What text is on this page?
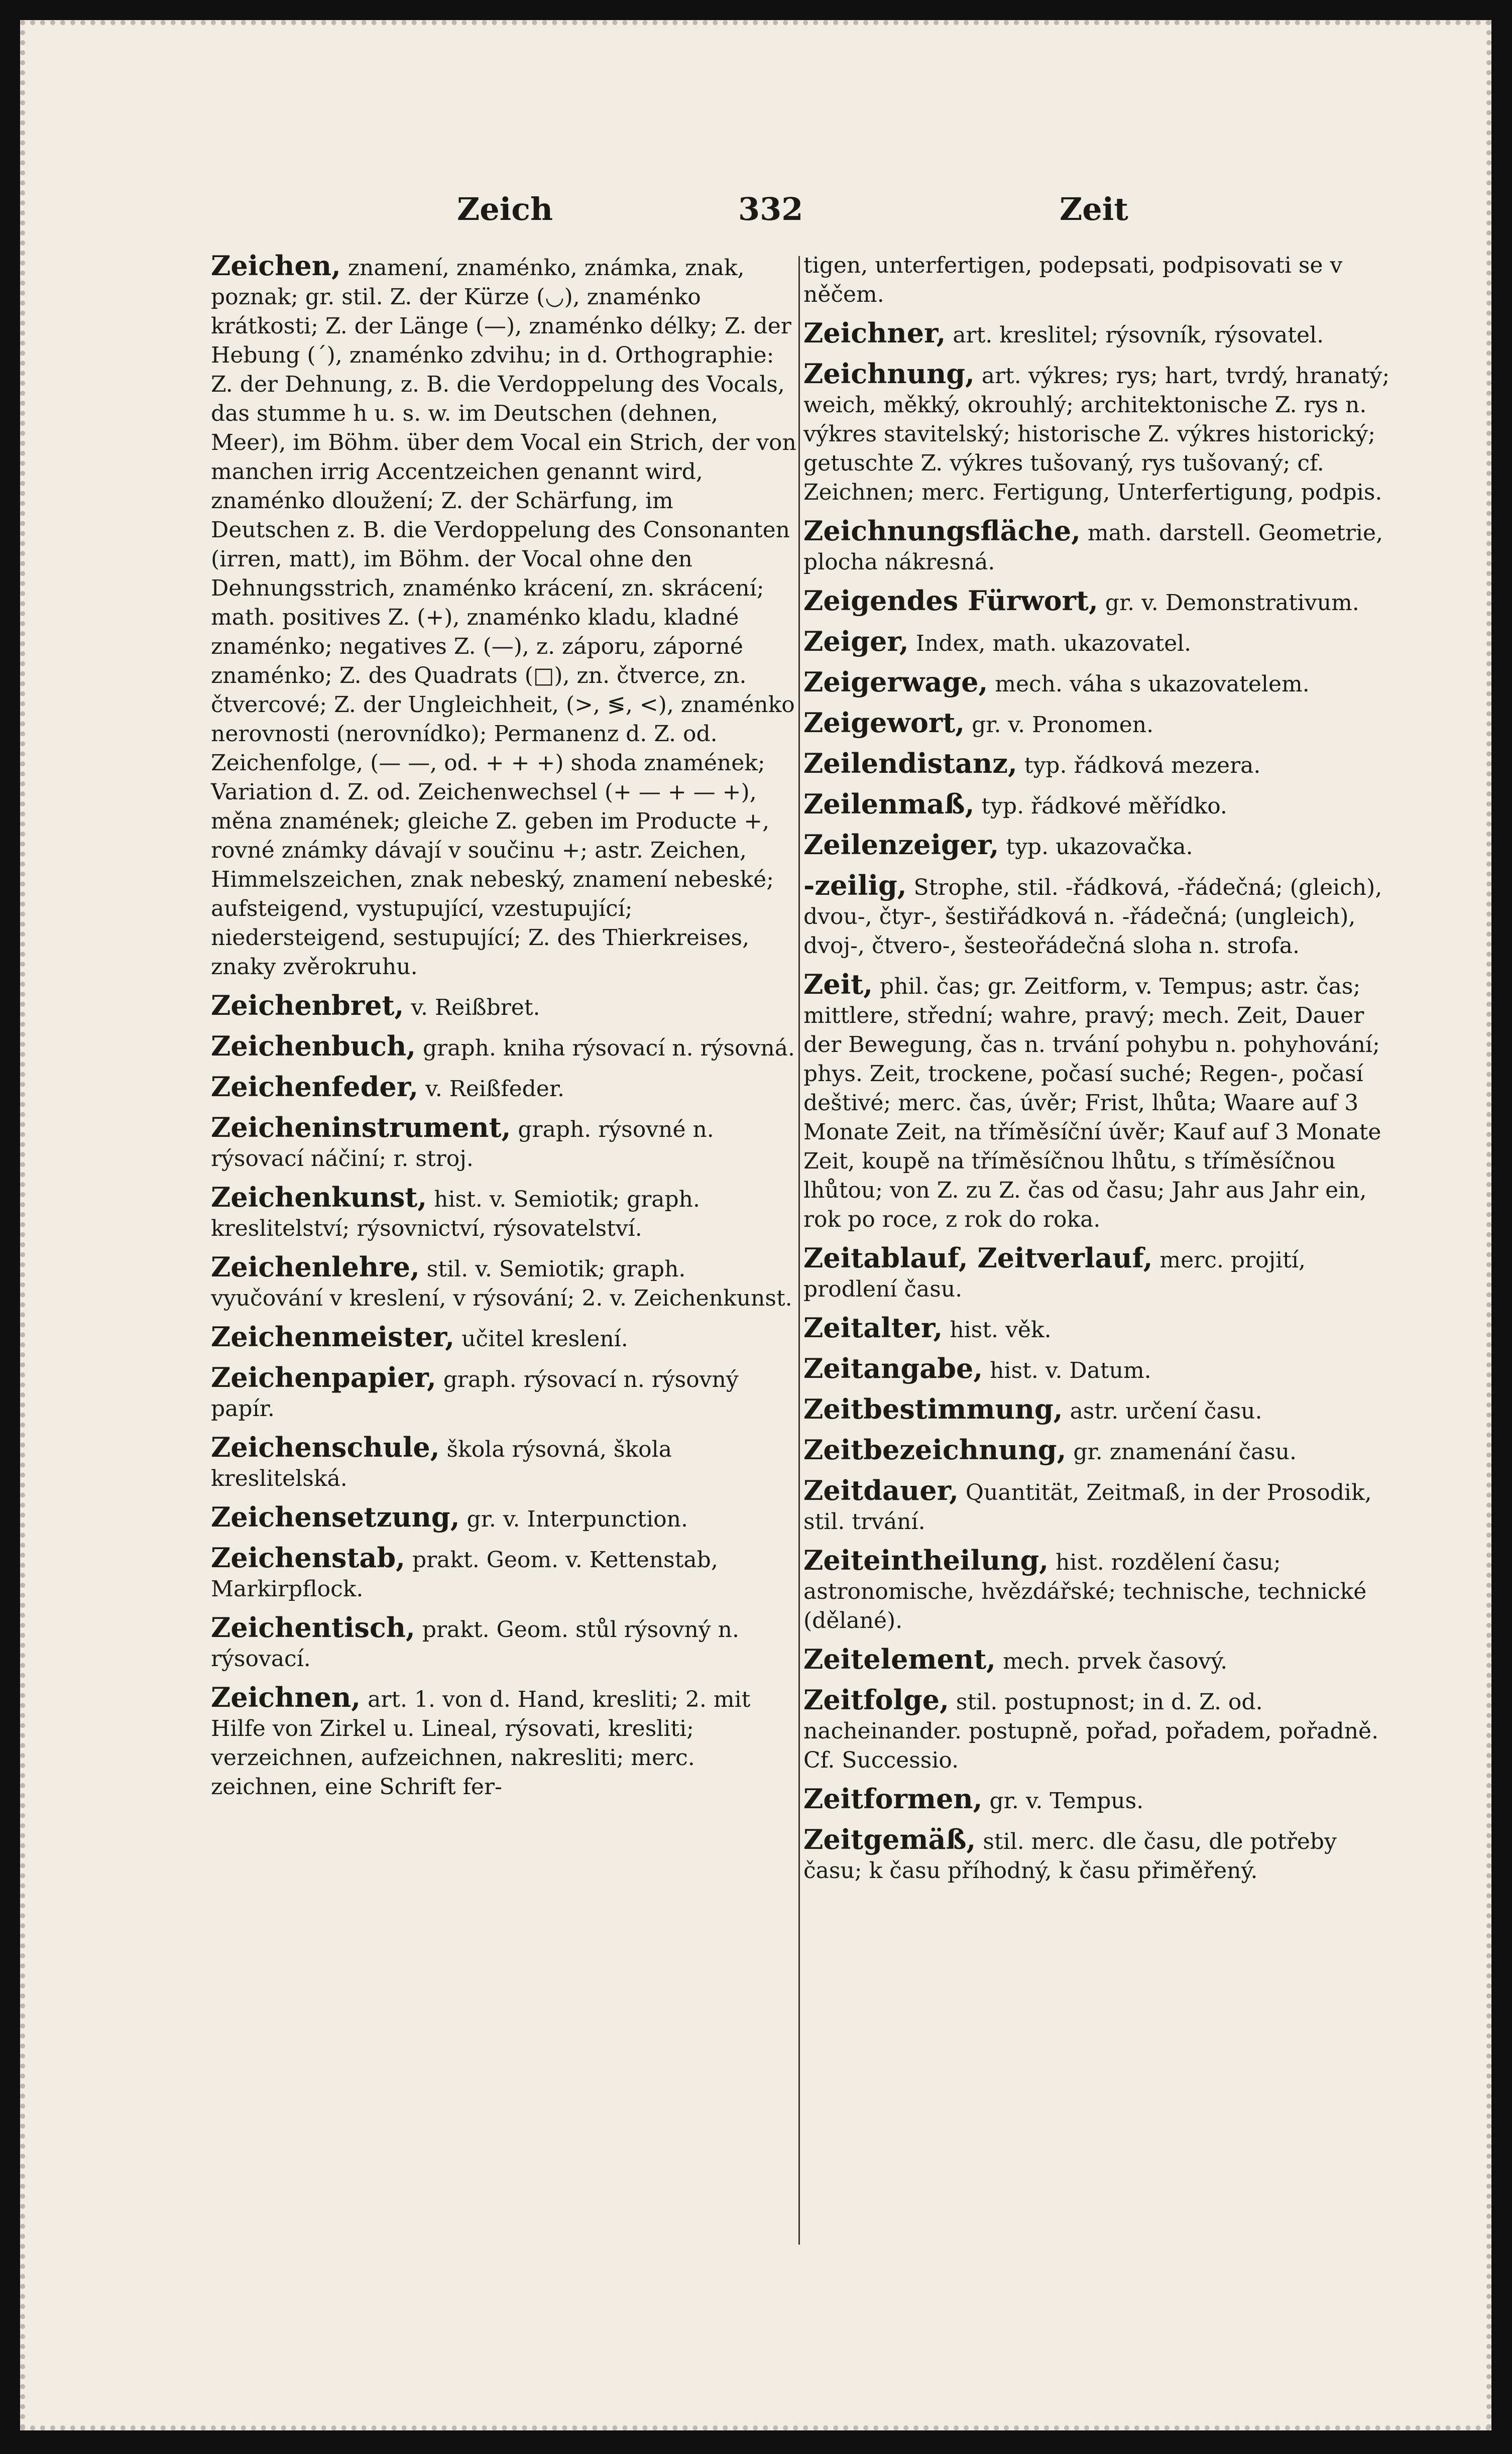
Zeich	332	Zeit

Zeichen, znamení, znaménko, známka, znak, poznak; gr. stil. Z. der Kürze (◡), znaménko krátkosti; Z. der Länge (—), znaménko délky; Z. der Hebung (´), znaménko zdvihu; in d. Orthographie: Z. der Dehnung, z. B. die Verdoppelung des Vocals, das stumme h u. s. w. im Deutschen (dehnen, Meer), im Böhm. über dem Vocal ein Strich, der von manchen irrig Accentzeichen genannt wird, znaménko dloužení; Z. der Schärfung, im Deutschen z. B. die Verdoppelung des Consonanten (irren, matt), im Böhm. der Vocal ohne den Dehnungsstrich, znaménko krácení, zn. skrácení; math. positives Z. (+), znaménko kladu, kladné znaménko; negatives Z. (—), z. záporu, záporné znaménko; Z. des Quadrats (□), zn. čtverce, zn. čtvercové; Z. der Ungleichheit, (>, ≶, <), znaménko nerovnosti (nerovnídko); Permanenz d. Z. od. Zeichenfolge, (— —, od. + + +) shoda znamének; Variation d. Z. od. Zeichenwechsel (+ — + — +), měna znamének; gleiche Z. geben im Producte +, rovné známky dávají v součinu +; astr. Zeichen, Himmelszeichen, znak nebeský, znamení nebeské; aufsteigend, vystupující, vzestupující; niedersteigend, sestupující; Z. des Thierkreises, znaky zvěrokruhu.

Zeichenbret, v. Reißbret.

Zeichenbuch, graph. kniha rýsovací n. rýsovná.

Zeichenfeder, v. Reißfeder.

Zeicheninstrument, graph. rýsovné n. rýsovací náčiní; r. stroj.

Zeichenkunst, hist. v. Semiotik; graph. kreslitelství; rýsovnictví, rýsovatelství.

Zeichenlehre, stil. v. Semiotik; graph. vyučování v kreslení, v rýsování; 2. v. Zeichenkunst.

Zeichenmeister, učitel kreslení.

Zeichenpapier, graph. rýsovací n. rýsovný papír.

Zeichenschule, škola rýsovná, škola kreslitelská.

Zeichensetzung, gr. v. Interpunction.

Zeichenstab, prakt. Geom. v. Kettenstab, Markirpflock.

Zeichentisch, prakt. Geom. stůl rýsovný n. rýsovací.

Zeichnen, art. 1. von d. Hand, kresliti; 2. mit Hilfe von Zirkel u. Lineal, rýsovati, kresliti; verzeichnen, aufzeichnen, nakresliti; merc. zeichnen, eine Schrift fer-

tigen, unterfertigen, podepsati, podpisovati se v něčem.

Zeichner, art. kreslitel; rýsovník, rýsovatel.

Zeichnung, art. výkres; rys; hart, tvrdý, hranatý; weich, měkký, okrouhlý; architektonische Z. rys n. výkres stavitelský; historische Z. výkres historický; getuschte Z. výkres tušovaný, rys tušovaný; cf. Zeichnen; merc. Fertigung, Unterfertigung, podpis.

Zeichnungsfläche, math. darstell. Geometrie, plocha nákresná.

Zeigendes Fürwort, gr. v. Demonstrativum.

Zeiger, Index, math. ukazovatel.

Zeigerwage, mech. váha s ukazovatelem.

Zeigewort, gr. v. Pronomen.

Zeilendistanz, typ. řádková mezera.

Zeilenmaß, typ. řádkové měřídko.

Zeilenzeiger, typ. ukazovačka.

-zeilig, Strophe, stil. -řádková, -řádečná; (gleich), dvou-, čtyr-, šestiřádková n. -řádečná; (ungleich), dvoj-, čtvero-, šesteořádečná sloha n. strofa.

Zeit, phil. čas; gr. Zeitform, v. Tempus; astr. čas; mittlere, střední; wahre, pravý; mech. Zeit, Dauer der Bewegung, čas n. trvání pohybu n. pohyhování; phys. Zeit, trockene, počasí suché; Regen-, počasí deštivé; merc. čas, úvěr; Frist, lhůta; Waare auf 3 Monate Zeit, na tříměsíční úvěr; Kauf auf 3 Monate Zeit, koupě na tříměsíčnou lhůtu, s tříměsíčnou lhůtou; von Z. zu Z. čas od času; Jahr aus Jahr ein, rok po roce, z rok do roka.

Zeitablauf, Zeitverlauf, merc. projití, prodlení času.

Zeitalter, hist. věk.

Zeitangabe, hist. v. Datum.

Zeitbestimmung, astr. určení času.

Zeitbezeichnung, gr. znamenání času.

Zeitdauer, Quantität, Zeitmaß, in der Prosodik, stil. trvání.

Zeiteintheilung, hist. rozdělení času; astronomische, hvězdářské; technische, technické (dělané).

Zeitelement, mech. prvek časový.

Zeitfolge, stil. postupnost; in d. Z. od. nacheinander. postupně, pořad, pořadem, pořadně. Cf. Successio.

Zeitformen, gr. v. Tempus.

Zeitgemäß, stil. merc. dle času, dle potřeby času; k času příhodný, k času přiměřený.
